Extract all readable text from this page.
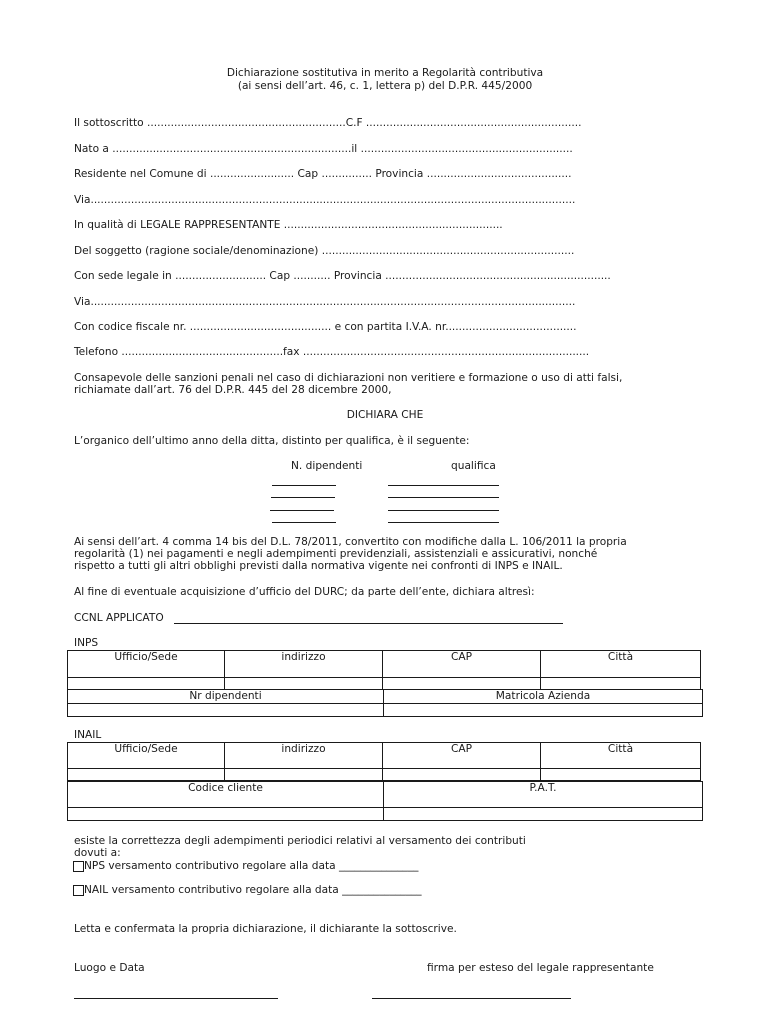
Dichiarazione sostitutiva in merito a Regolarità contributiva
(ai sensi dell’art. 46, c. 1, lettera p) del D.P.R. 445/2000
Il sottoscritto ...........................................................C.F ................................................................
Nato a .......................................................................il ...............................................................
Residente nel Comune di ......................... Cap ............... Provincia ...........................................
Via................................................................................................................................................
In qualità di LEGALE RAPPRESENTANTE .................................................................
Del soggetto (ragione sociale/denominazione) ...........................................................................
Con sede legale in ........................... Cap ........... Provincia ...................................................................
Via................................................................................................................................................
Con codice fiscale nr. .......................................... e con partita I.V.A. nr.......................................
Telefono ................................................fax .....................................................................................
Consapevole delle sanzioni penali nel caso di dichiarazioni non veritiere e formazione o uso di atti falsi,
richiamate dall’art. 76 del D.P.R. 445 del 28 dicembre 2000,
DICHIARA CHE
L’organico dell’ultimo anno della ditta, distinto per qualifica, è il seguente:
N. dipendenti	qualifica
Ai sensi dell’art. 4 comma 14 bis del D.L. 78/2011, convertito con modifiche dalla L. 106/2011 la propria
regolarità (1) nei pagamenti e negli adempimenti previdenziali, assistenziali e assicurativi, nonché
rispetto a tutti gli altri obblighi previsti dalla normativa vigente nei confronti di INPS e INAIL.
Al fine di eventuale acquisizione d’ufficio del DURC; da parte dell’ente, dichiara altresì:
CCNL APPLICATO
INPS
Ufficio/Sede	indirizzo	CAP	Città

Nr dipendenti	Matricola Azienda

INAIL
Ufficio/Sede	indirizzo	CAP	Città

Codice cliente	P.A.T.

esiste la correttezza degli adempimenti periodici relativi al versamento dei contributi
dovuti a:
NPS versamento contributivo regolare alla data _______________
NAIL versamento contributivo regolare alla data _______________
Letta e confermata la propria dichiarazione, il dichiarante la sottoscrive.
Luogo e Data	firma per esteso del legale rappresentante
